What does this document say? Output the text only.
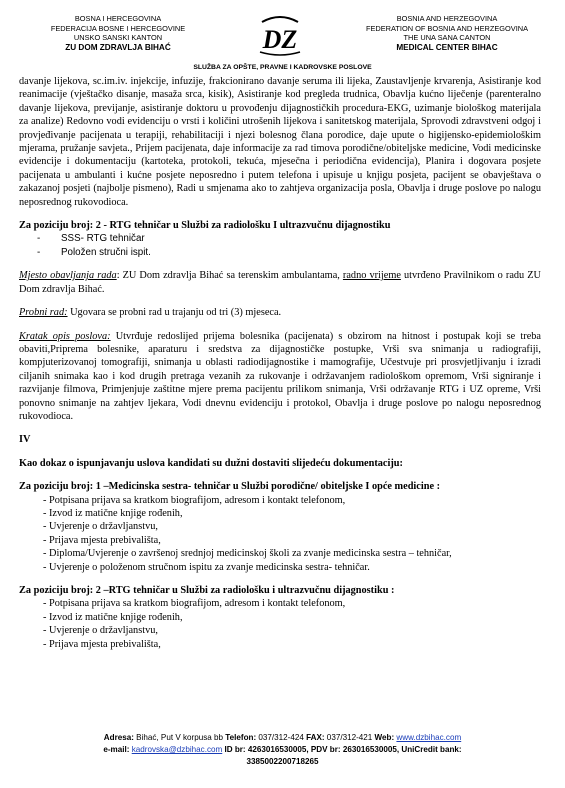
BOSNA I HERCEGOVINA
FEDERACIJA BOSNE I HERCEGOVINE
UNSKO SANSKI KANTON
ZU DOM ZDRAVLJA BIHAĆ	DZ
BOSNIA AND HERZEGOVINA
FEDERATION OF BOSNIA AND HERZEGOVINA
THE UNA SANA CANTON
MEDICAL CENTER BIHAC
SLUŽBA ZA OPŠTE, PRAVNE I KADROVSKE POSLOVE

davanje lijekova, sc.im.iv. injekcije, infuzije, frakcionirano davanje seruma ili lijeka, Zaustavljenje krvarenja, Asistiranje kod reanimacije (vještačko disanje, masaža srca, kisik), Asistiranje kod pregleda trudnica, Obavlja kućno liječenje (parenteralno davanje lijekova, previjanje, asistiranje doktoru u provođenju dijagnostičkih procedura-EKG, uzimanje biološkog materijala za analize) Redovno vodi evidenciju o vrsti i količini utrošenih lijekova i sanitetskog materijala, Sprovodi zdravstveni odgoj i provjeđivanje pacijenata u terapiji, rehabilitaciji i njezi bolesnog člana porodice, daje upute o higijensko-epidemiološkim mjerama, pružanje savjeta., Prijem pacijenata, daje informacije za rad timova porodične/obiteljske medicine, Vodi medicinske evidencije i dokumentaciju (kartoteka, protokoli, tekuća, mjesečna i periodična evidencija), Planira i dogovara posjete pacijenata u ambulanti i kućne posjete neposredno i putem telefona i upisuje u knjigu posjeta, pacijent se obavještava o zakazanoj posjeti (najbolje pismeno), Radi u smjenama ako to zahtjeva organizacija posla, Obavlja i druge poslove po nalogu neposrednog rukovodioca.

Za poziciju broj: 2 - RTG tehničar u Službi za radiološku I ultrazvučnu dijagnostiku

- SSS- RTG tehničar
- Položen stručni ispit.

Mjesto obavljanja rada: ZU Dom zdravlja Bihać sa terenskim ambulantama, radno vrijeme utvrđeno Pravilnikom o radu ZU Dom zdravlja Bihać.

Probni rad: Ugovara se probni rad u trajanju od tri (3) mjeseca.

Kratak opis poslova: Utvrđuje redoslijed prijema bolesnika (pacijenata) s obzirom na hitnost i postupak koji se treba obaviti,Priprema bolesnike, aparaturu i sredstva za dijagnostičke postupke, Vrši sva snimanja u radiografiji, kompjuterizovanoj tomografiji, snimanja u oblasti radiodijagnostike i mamografije, Učestvuje pri prosvjetljivanju i izradi ciljanih snimaka kao i kod drugih pretraga vezanih za rukovanje i održavanjem radiološkom opremom, Vrši signiranje i razvijanje filmova, Primjenjuje zaštitne mjere prema pacijentu prilikom snimanja, Vrši održavanje RTG i UZ opreme, Vrši ponovno snimanje na zahtjev ljekara, Vodi dnevnu evidenciju i protokol, Obavlja i druge poslove po nalogu neposrednog rukovodioca.

IV

Kao dokaz o ispunjavanju uslova kandidati su dužni dostaviti slijedeću dokumentaciju:

Za poziciju broj: 1 –Medicinska sestra- tehničar u Službi porodične/ obiteljske I opće medicine :

- Potpisana prijava sa kratkom biografijom, adresom i kontakt telefonom,
- Izvod iz matične knjige rođenih,
- Uvjerenje o državljanstvu,
- Prijava mjesta prebivališta,
- Diploma/Uvjerenje o završenoj srednjoj medicinskoj školi za zvanje medicinska sestra – tehničar,
- Uvjerenje o položenom stručnom ispitu za zvanje medicinska sestra- tehničar.

Za poziciju broj: 2 –RTG tehničar u Službi za radiološku i ultrazvučnu dijagnostiku :

- Potpisana prijava sa kratkom biografijom, adresom i kontakt telefonom,
- Izvod iz matične knjige rođenih,
- Uvjerenje o državljanstvu,
- Prijava mjesta prebivališta,
Adresa: Bihać, Put V korpusa bb Telefon: 037/312-424 FAX: 037/312-421 Web: www.dzbihac.com
e-mail: kadrovska@dzbihac.com ID br: 4263016530005, PDV br: 263016530005, UniCredit bank:
3385002200718265
